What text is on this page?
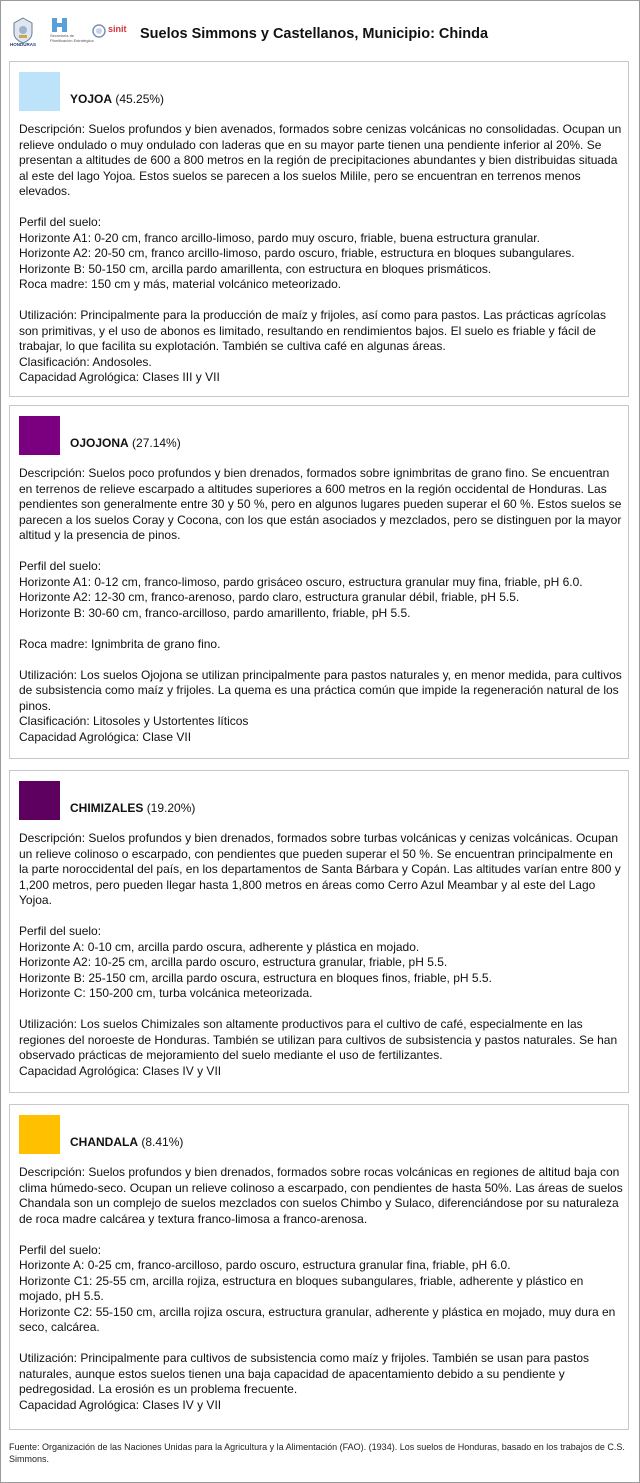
HONDURAS
Secretaría de Planificación Estratégica
sinit Suelos Simmons y Castellanos, Municipio: Chinda
YOJOA (45.25%)

Descripción: Suelos profundos y bien avenados, formados sobre cenizas volcánicas no consolidadas. Ocupan un relieve ondulado o muy ondulado con laderas que en su mayor parte tienen una pendiente inferior al 20%. Se presentan a altitudes de 600 a 800 metros en la región de precipitaciones abundantes y bien distribuidas situada al este del lago Yojoa. Estos suelos se parecen a los suelos Milile, pero se encuentran en terrenos menos elevados.

Perfil del suelo:

Horizonte A1: 0-20 cm, franco arcillo-limoso, pardo muy oscuro, friable, buena estructura granular.

Horizonte A2: 20-50 cm, franco arcillo-limoso, pardo oscuro, friable, estructura en bloques subangulares.

Horizonte B: 50-150 cm, arcilla pardo amarillenta, con estructura en bloques prismáticos.

Roca madre: 150 cm y más, material volcánico meteorizado.

Utilización: Principalmente para la producción de maíz y frijoles, así como para pastos. Las prácticas agrícolas son primitivas, y el uso de abonos es limitado, resultando en rendimientos bajos. El suelo es friable y fácil de trabajar, lo que facilita su explotación. También se cultiva café en algunas áreas.

Clasificación: Andosoles.

Capacidad Agrológica: Clases III y VII

OJOJONA (27.14%)

Descripción: Suelos poco profundos y bien drenados, formados sobre ignimbritas de grano fino. Se encuentran en terrenos de relieve escarpado a altitudes superiores a 600 metros en la región occidental de Honduras. Las pendientes son generalmente entre 30 y 50 %, pero en algunos lugares pueden superar el 60 %. Estos suelos se parecen a los suelos Coray y Cocona, con los que están asociados y mezclados, pero se distinguen por la mayor altitud y la presencia de pinos.

Perfil del suelo:

Horizonte A1: 0-12 cm, franco-limoso, pardo grisáceo oscuro, estructura granular muy fina, friable, pH 6.0.

Horizonte A2: 12-30 cm, franco-arenoso, pardo claro, estructura granular débil, friable, pH 5.5.

Horizonte B: 30-60 cm, franco-arcilloso, pardo amarillento, friable, pH 5.5.

Roca madre: Ignimbrita de grano fino.

Utilización: Los suelos Ojojona se utilizan principalmente para pastos naturales y, en menor medida, para cultivos de subsistencia como maíz y frijoles. La quema es una práctica común que impide la regeneración natural de los pinos.

Clasificación: Litosoles y Ustortentes líticos

Capacidad Agrológica: Clase VII

CHIMIZALES (19.20%)

Descripción: Suelos profundos y bien drenados, formados sobre turbas volcánicas y cenizas volcánicas. Ocupan un relieve colinoso o escarpado, con pendientes que pueden superar el 50 %. Se encuentran principalmente en la parte noroccidental del país, en los departamentos de Santa Bárbara y Copán. Las altitudes varían entre 800 y 1,200 metros, pero pueden llegar hasta 1,800 metros en áreas como Cerro Azul Meambar y al este del Lago Yojoa.

Perfil del suelo:

Horizonte A: 0-10 cm, arcilla pardo oscura, adherente y plástica en mojado.

Horizonte A2: 10-25 cm, arcilla pardo oscuro, estructura granular, friable, pH 5.5.

Horizonte B: 25-150 cm, arcilla pardo oscura, estructura en bloques finos, friable, pH 5.5.

Horizonte C: 150-200 cm, turba volcánica meteorizada.

Utilización: Los suelos Chimizales son altamente productivos para el cultivo de café, especialmente en las regiones del noroeste de Honduras. También se utilizan para cultivos de subsistencia y pastos naturales. Se han observado prácticas de mejoramiento del suelo mediante el uso de fertilizantes.

Capacidad Agrológica: Clases IV y VII

CHANDALA (8.41%)

Descripción: Suelos profundos y bien drenados, formados sobre rocas volcánicas en regiones de altitud baja con clima húmedo-seco. Ocupan un relieve colinoso a escarpado, con pendientes de hasta 50%. Las áreas de suelos Chandala son un complejo de suelos mezclados con suelos Chimbo y Sulaco, diferenciándose por su naturaleza de roca madre calcárea y textura franco-limosa a franco-arenosa.

Perfil del suelo:

Horizonte A: 0-25 cm, franco-arcilloso, pardo oscuro, estructura granular fina, friable, pH 6.0.

Horizonte C1: 25-55 cm, arcilla rojiza, estructura en bloques subangulares, friable, adherente y plástico en mojado, pH 5.5.

Horizonte C2: 55-150 cm, arcilla rojiza oscura, estructura granular, adherente y plástica en mojado, muy dura en seco, calcárea.

Utilización: Principalmente para cultivos de subsistencia como maíz y frijoles. También se usan para pastos naturales, aunque estos suelos tienen una baja capacidad de apacentamiento debido a su pendiente y pedregosidad. La erosión es un problema frecuente.

Capacidad Agrológica: Clases IV y VII

Fuente: Organización de las Naciones Unidas para la Agricultura y la Alimentación (FAO). (1934). Los suelos de Honduras, basado en los trabajos de C.S. Simmons.
